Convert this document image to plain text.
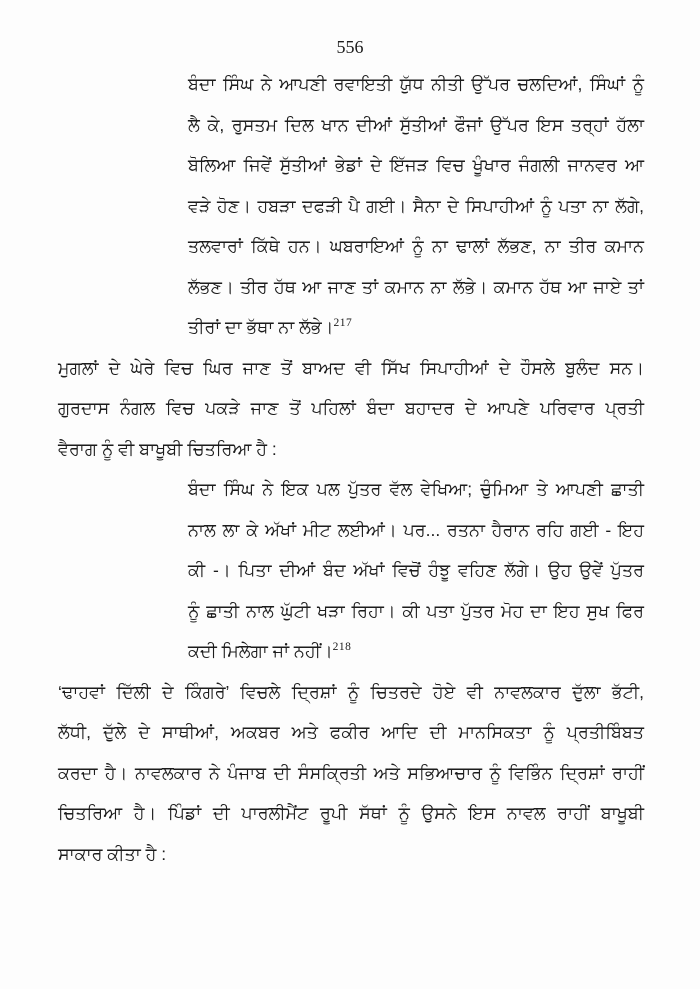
556
ਬੰਦਾ ਸਿੰਘ ਨੇ ਆਪਣੀ ਰਵਾਇਤੀ ਯੁੱਧ ਨੀਤੀ ਉੱਪਰ ਚਲਦਿਆਂ, ਸਿੰਘਾਂ ਨੂੰ
ਲੈ ਕੇ, ਰੁਸਤਮ ਦਿਲ ਖਾਨ ਦੀਆਂ ਸੁੱਤੀਆਂ ਫੌਜਾਂ ਉੱਪਰ ਇਸ ਤਰ੍ਹਾਂ ਹੱਲਾ
ਬੋਲਿਆ ਜਿਵੇਂ ਸੁੱਤੀਆਂ ਭੇਡਾਂ ਦੇ ਇੱਜੜ ਵਿਚ ਖੂੰਖਾਰ ਜੰਗਲੀ ਜਾਨਵਰ ਆ
ਵੜੇ ਹੋਣ। ਹਬੜਾ ਦਫੜੀ ਪੈ ਗਈ। ਸੈਨਾ ਦੇ ਸਿਪਾਹੀਆਂ ਨੂੰ ਪਤਾ ਨਾ ਲੱਗੇ,
ਤਲਵਾਰਾਂ ਕਿੱਥੇ ਹਨ। ਘਬਰਾਇਆਂ ਨੂੰ ਨਾ ਢਾਲਾਂ ਲੱਭਣ, ਨਾ ਤੀਰ ਕਮਾਨ
ਲੱਭਣ। ਤੀਰ ਹੱਥ ਆ ਜਾਣ ਤਾਂ ਕਮਾਨ ਨਾ ਲੱਭੇ। ਕਮਾਨ ਹੱਥ ਆ ਜਾਏ ਤਾਂ
ਤੀਰਾਂ ਦਾ ਭੱਥਾ ਨਾ ਲੱਭੇ।$^{217}$
ਮੁਗਲਾਂ ਦੇ ਘੇਰੇ ਵਿਚ ਘਿਰ ਜਾਣ ਤੋਂ ਬਾਅਦ ਵੀ ਸਿੱਖ ਸਿਪਾਹੀਆਂ ਦੇ ਹੌਸਲੇ ਬੁਲੰਦ ਸਨ।
ਗੁਰਦਾਸ ਨੰਗਲ ਵਿਚ ਪਕੜੇ ਜਾਣ ਤੋਂ ਪਹਿਲਾਂ ਬੰਦਾ ਬਹਾਦਰ ਦੇ ਆਪਣੇ ਪਰਿਵਾਰ ਪ੍ਰਤੀ
ਵੈਰਾਗ ਨੂੰ ਵੀ ਬਾਖੂਬੀ ਚਿਤਰਿਆ ਹੈ :
ਬੰਦਾ ਸਿੰਘ ਨੇ ਇਕ ਪਲ ਪੁੱਤਰ ਵੱਲ ਵੇਖਿਆ; ਚੁੰਮਿਆ ਤੇ ਆਪਣੀ ਛਾਤੀ
ਨਾਲ ਲਾ ਕੇ ਅੱਖਾਂ ਮੀਟ ਲਈਆਂ। ਪਰ... ਰਤਨਾ ਹੈਰਾਨ ਰਹਿ ਗਈ - ਇਹ
ਕੀ -। ਪਿਤਾ ਦੀਆਂ ਬੰਦ ਅੱਖਾਂ ਵਿਚੋਂ ਹੰਝੂ ਵਹਿਣ ਲੱਗੇ। ਉਹ ਉਵੇਂ ਪੁੱਤਰ
ਨੂੰ ਛਾਤੀ ਨਾਲ ਘੁੱਟੀ ਖੜਾ ਰਿਹਾ। ਕੀ ਪਤਾ ਪੁੱਤਰ ਮੋਹ ਦਾ ਇਹ ਸੁਖ ਫਿਰ
ਕਦੀ ਮਿਲੇਗਾ ਜਾਂ ਨਹੀਂ।$^{218}$
‘ਢਾਹਵਾਂ ਦਿੱਲੀ ਦੇ ਕਿੰਗਰੇ’ ਵਿਚਲੇ ਦ੍ਰਿਸ਼ਾਂ ਨੂੰ ਚਿਤਰਦੇ ਹੋਏ ਵੀ ਨਾਵਲਕਾਰ ਦੁੱਲਾ ਭੱਟੀ,
ਲੱਧੀ, ਦੁੱਲੇ ਦੇ ਸਾਥੀਆਂ, ਅਕਬਰ ਅਤੇ ਫਕੀਰ ਆਦਿ ਦੀ ਮਾਨਸਿਕਤਾ ਨੂੰ ਪ੍ਰਤੀਬਿੰਬਤ
ਕਰਦਾ ਹੈ। ਨਾਵਲਕਾਰ ਨੇ ਪੰਜਾਬ ਦੀ ਸੰਸਕ੍ਰਿਤੀ ਅਤੇ ਸਭਿਆਚਾਰ ਨੂੰ ਵਿਭਿੰਨ ਦ੍ਰਿਸ਼ਾਂ ਰਾਹੀਂ
ਚਿਤਰਿਆ ਹੈ। ਪਿੰਡਾਂ ਦੀ ਪਾਰਲੀਮੈਂਟ ਰੂਪੀ ਸੱਥਾਂ ਨੂੰ ਉਸਨੇ ਇਸ ਨਾਵਲ ਰਾਹੀਂ ਬਾਖੂਬੀ
ਸਾਕਾਰ ਕੀਤਾ ਹੈ :
